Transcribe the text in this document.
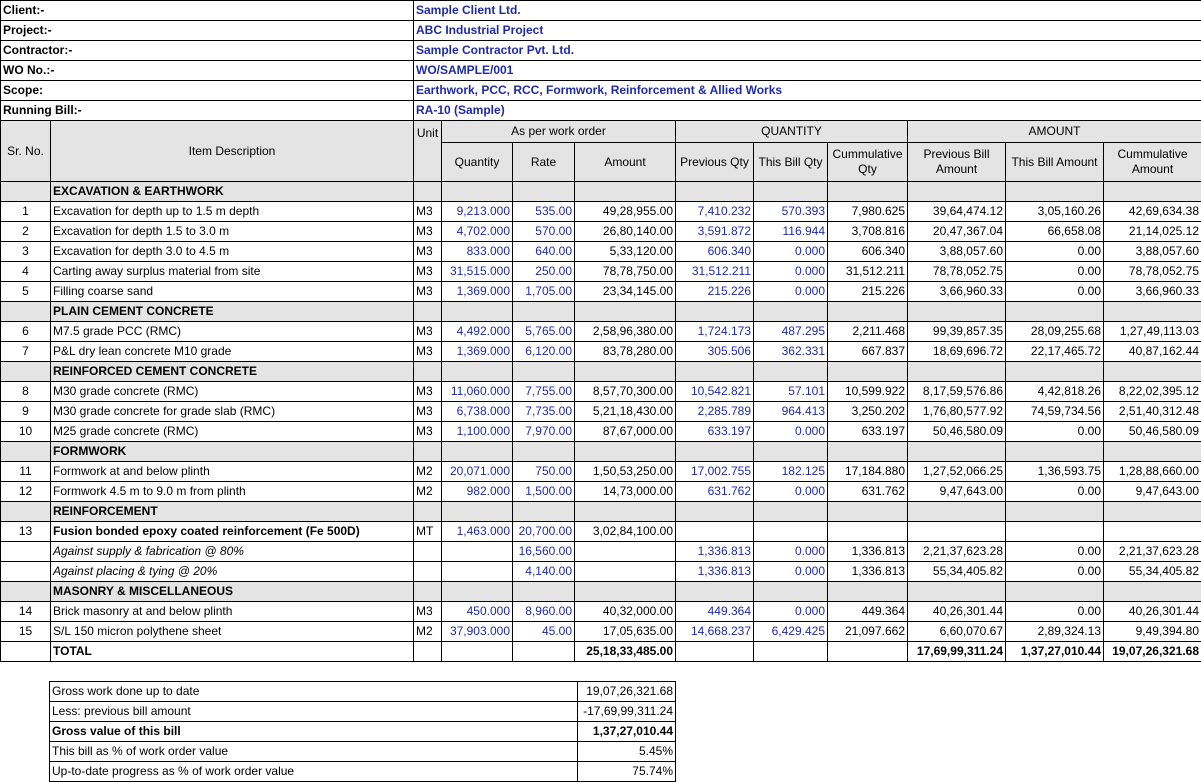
Client:-	Sample Client Ltd.
Project:-	ABC Industrial Project
Contractor:-	Sample Contractor Pvt. Ltd.
WO No.:-	WO/SAMPLE/001
Scope:	Earthwork, PCC, RCC, Formwork, Reinforcement & Allied Works
Running Bill:-	RA-10 (Sample)
Sr. No.	Item Description	Unit	As per work order			QUANTITY			AMOUNT		
			Quantity	Rate	Amount	Previous Qty	This Bill Qty	Cummulative Qty	Previous Bill Amount	This Bill Amount	Cummulative Amount
	EXCAVATION & EARTHWORK										
1	Excavation for depth up to 1.5 m depth	M3	9,213.000	535.00	49,28,955.00	7,410.232	570.393	7,980.625	39,64,474.12	3,05,160.26	42,69,634.38
2	Excavation for depth 1.5 to 3.0 m	M3	4,702.000	570.00	26,80,140.00	3,591.872	116.944	3,708.816	20,47,367.04	66,658.08	21,14,025.12
3	Excavation for depth 3.0 to 4.5 m	M3	833.000	640.00	5,33,120.00	606.340	0.000	606.340	3,88,057.60	0.00	3,88,057.60
4	Carting away surplus material from site	M3	31,515.000	250.00	78,78,750.00	31,512.211	0.000	31,512.211	78,78,052.75	0.00	78,78,052.75
5	Filling coarse sand	M3	1,369.000	1,705.00	23,34,145.00	215.226	0.000	215.226	3,66,960.33	0.00	3,66,960.33
	PLAIN CEMENT CONCRETE										
6	M7.5 grade PCC (RMC)	M3	4,492.000	5,765.00	2,58,96,380.00	1,724.173	487.295	2,211.468	99,39,857.35	28,09,255.68	1,27,49,113.03
7	P&L dry lean concrete M10 grade	M3	1,369.000	6,120.00	83,78,280.00	305.506	362.331	667.837	18,69,696.72	22,17,465.72	40,87,162.44
	REINFORCED CEMENT CONCRETE										
8	M30 grade concrete (RMC)	M3	11,060.000	7,755.00	8,57,70,300.00	10,542.821	57.101	10,599.922	8,17,59,576.86	4,42,818.26	8,22,02,395.12
9	M30 grade concrete for grade slab (RMC)	M3	6,738.000	7,735.00	5,21,18,430.00	2,285.789	964.413	3,250.202	1,76,80,577.92	74,59,734.56	2,51,40,312.48
10	M25 grade concrete (RMC)	M3	1,100.000	7,970.00	87,67,000.00	633.197	0.000	633.197	50,46,580.09	0.00	50,46,580.09
	FORMWORK										
11	Formwork at and below plinth	M2	20,071.000	750.00	1,50,53,250.00	17,002.755	182.125	17,184.880	1,27,52,066.25	1,36,593.75	1,28,88,660.00
12	Formwork 4.5 m to 9.0 m from plinth	M2	982.000	1,500.00	14,73,000.00	631.762	0.000	631.762	9,47,643.00	0.00	9,47,643.00
	REINFORCEMENT										
13	Fusion bonded epoxy coated reinforcement (Fe 500D)	MT	1,463.000	20,700.00	3,02,84,100.00						
	Against supply & fabrication @ 80%			16,560.00		1,336.813	0.000	1,336.813	2,21,37,623.28	0.00	2,21,37,623.28
	Against placing & tying @ 20%			4,140.00		1,336.813	0.000	1,336.813	55,34,405.82	0.00	55,34,405.82
	MASONRY & MISCELLANEOUS										
14	Brick masonry at and below plinth	M3	450.000	8,960.00	40,32,000.00	449.364	0.000	449.364	40,26,301.44	0.00	40,26,301.44
15	S/L 150 micron polythene sheet	M2	37,903.000	45.00	17,05,635.00	14,668.237	6,429.425	21,097.662	6,60,070.67	2,89,324.13	9,49,394.80
	TOTAL				25,18,33,485.00				17,69,99,311.24	1,37,27,010.44	19,07,26,321.68
Gross work done up to date	19,07,26,321.68
Less: previous bill amount	-17,69,99,311.24
Gross value of this bill	1,37,27,010.44
This bill as % of work order value	5.45%
Up-to-date progress as % of work order value	75.74%
